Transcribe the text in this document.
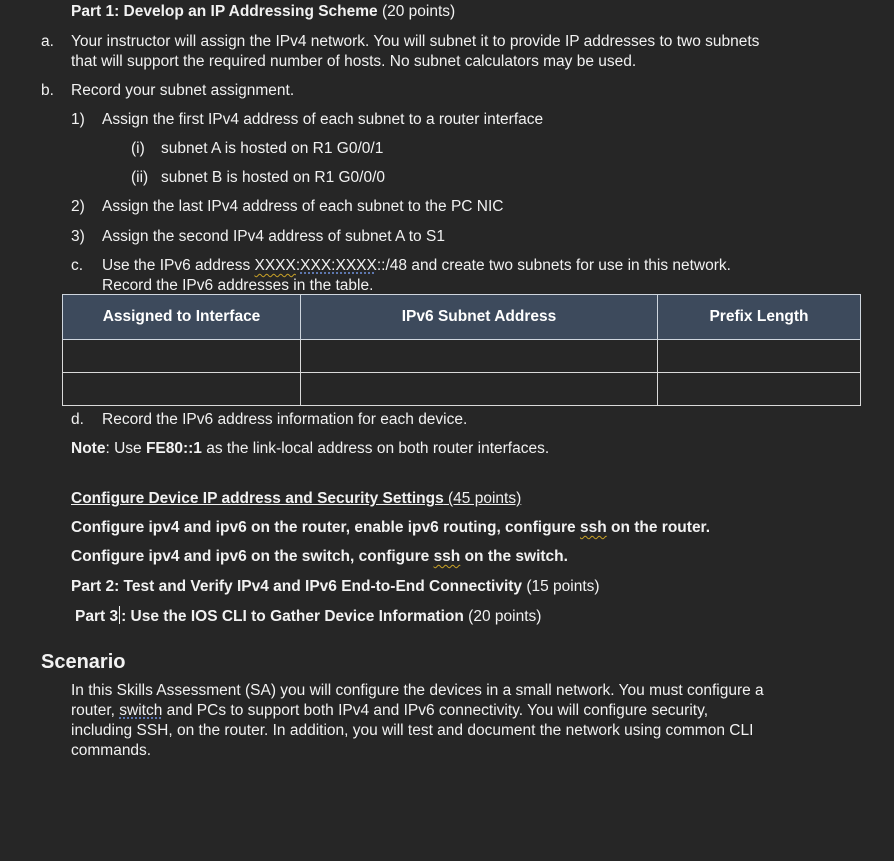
Part 1: Develop an IP Addressing Scheme (20 points)
a. Your instructor will assign the IPv4 network. You will subnet it to provide IP addresses to two subnets
that will support the required number of hosts. No subnet calculators may be used.
b. Record your subnet assignment.
1) Assign the first IPv4 address of each subnet to a router interface
(i) subnet A is hosted on R1 G0/0/1
(ii) subnet B is hosted on R1 G0/0/0
2) Assign the last IPv4 address of each subnet to the PC NIC
3) Assign the second IPv4 address of subnet A to S1
c. Use the IPv6 address XXXX:XXX:XXXX::/48 and create two subnets for use in this network.
Record the IPv6 addresses in the table.
Assigned to Interface	IPv6 Subnet Address	Prefix Length

d. Record the IPv6 address information for each device.
Note: Use FE80::1 as the link-local address on both router interfaces.
Configure Device IP address and Security Settings (45 points)
Configure ipv4 and ipv6 on the router, enable ipv6 routing, configure ssh on the router.
Configure ipv4 and ipv6 on the switch, configure ssh on the switch.
Part 2: Test and Verify IPv4 and IPv6 End-to-End Connectivity (15 points)
Part 3 : Use the IOS CLI to Gather Device Information (20 points)
Scenario
In this Skills Assessment (SA) you will configure the devices in a small network. You must configure a
router, switch and PCs to support both IPv4 and IPv6 connectivity. You will configure security,
including SSH, on the router. In addition, you will test and document the network using common CLI
commands.
